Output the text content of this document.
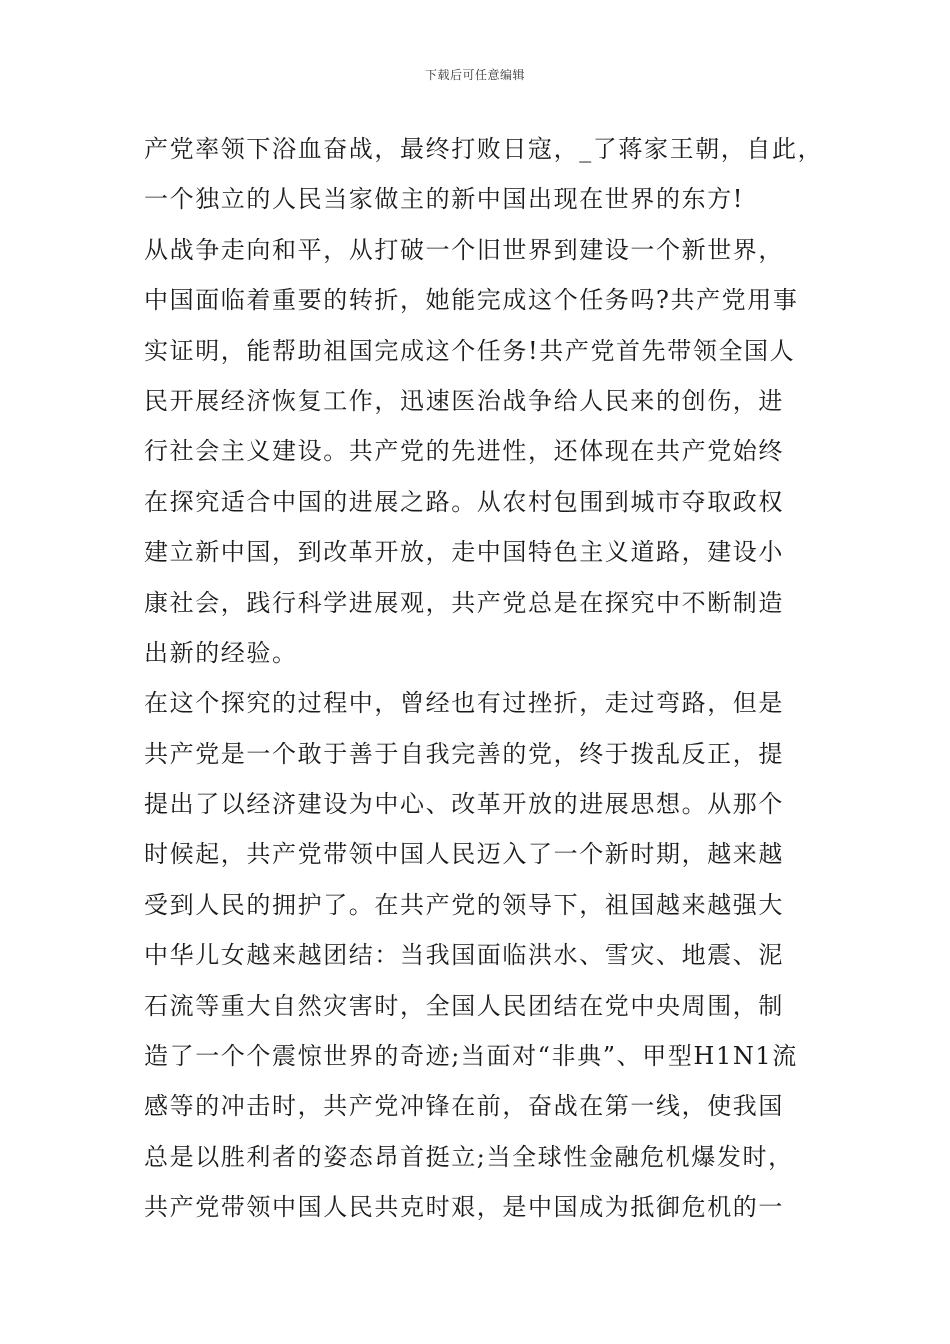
下载后可任意编辑
产党率领下浴血奋战，最终打败日寇，_了蒋家王朝，自此，
一个独立的人民当家做主的新中国出现在世界的东方!
从战争走向和平，从打破一个旧世界到建设一个新世界，
中国面临着重要的转折，她能完成这个任务吗?共产党用事
实证明，能帮助祖国完成这个任务!共产党首先带领全国人
民开展经济恢复工作，迅速医治战争给人民来的创伤，进
行社会主义建设。共产党的先进性，还体现在共产党始终
在探究适合中国的进展之路。从农村包围到城市夺取政权
建立新中国，到改革开放，走中国特色主义道路，建设小
康社会，践行科学进展观，共产党总是在探究中不断制造
出新的经验。
在这个探究的过程中，曾经也有过挫折，走过弯路，但是
共产党是一个敢于善于自我完善的党，终于拨乱反正，提
提出了以经济建设为中心、改革开放的进展思想。从那个
时候起，共产党带领中国人民迈入了一个新时期，越来越
受到人民的拥护了。在共产党的领导下，祖国越来越强大
中华儿女越来越团结：当我国面临洪水、雪灾、地震、泥
石流等重大自然灾害时，全国人民团结在党中央周围，制
造了一个个震惊世界的奇迹;当面对“非典”、甲型H1N1流
感等的冲击时，共产党冲锋在前，奋战在第一线，使我国
总是以胜利者的姿态昂首挺立;当全球性金融危机爆发时，
共产党带领中国人民共克时艰，是中国成为抵御危机的一
